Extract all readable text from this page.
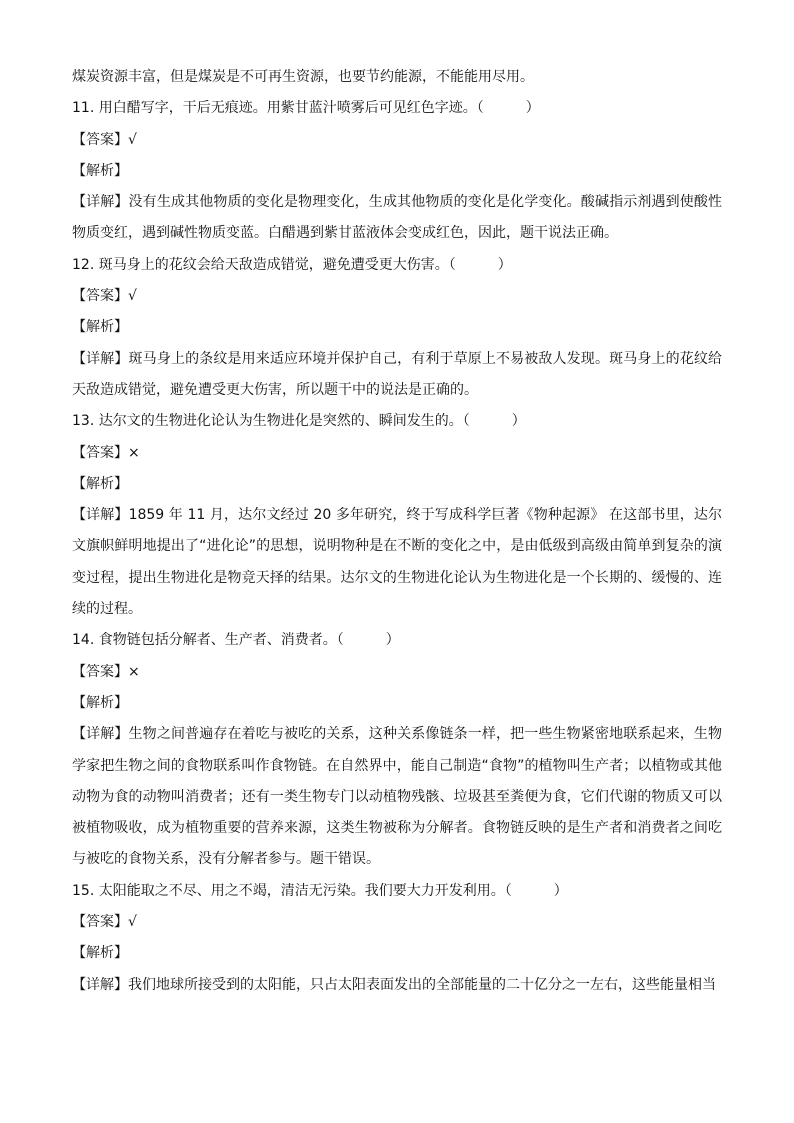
煤炭资源丰富，但是煤炭是不可再生资源，也要节约能源，不能能用尽用。
11. 用白醋写字，干后无痕迹。用紫甘蓝汁喷雾后可见红色字迹。（　　　）
【答案】√
【解析】
【详解】没有生成其他物质的变化是物理变化，生成其他物质的变化是化学变化。酸碱指示剂遇到使酸性物质变红，遇到碱性物质变蓝。白醋遇到紫甘蓝液体会变成红色，因此，题干说法正确。
12. 斑马身上的花纹会给天敌造成错觉，避免遭受更大伤害。（　　　）
【答案】√
【解析】
【详解】斑马身上的条纹是用来适应环境并保护自己，有利于草原上不易被敌人发现。斑马身上的花纹给天敌造成错觉，避免遭受更大伤害，所以题干中的说法是正确的。
13. 达尔文的生物进化论认为生物进化是突然的、瞬间发生的。（　　　）
【答案】×
【解析】
【详解】1859 年 11 月，达尔文经过 20 多年研究，终于写成科学巨著《物种起源》 在这部书里，达尔文旗帜鲜明地提出了“进化论”的思想，说明物种是在不断的变化之中，是由低级到高级由简单到复杂的演变过程，提出生物进化是物竞天择的结果。达尔文的生物进化论认为生物进化是一个长期的、缓慢的、连续的过程。
14. 食物链包括分解者、生产者、消费者。（　　　）
【答案】×
【解析】
【详解】生物之间普遍存在着吃与被吃的关系，这种关系像链条一样，把一些生物紧密地联系起来，生物学家把生物之间的食物联系叫作食物链。在自然界中，能自己制造“食物”的植物叫生产者；以植物或其他动物为食的动物叫消费者；还有一类生物专门以动植物残骸、垃圾甚至粪便为食，它们代谢的物质又可以被植物吸收，成为植物重要的营养来源，这类生物被称为分解者。食物链反映的是生产者和消费者之间吃与被吃的食物关系，没有分解者参与。题干错误。
15. 太阳能取之不尽、用之不竭，清洁无污染。我们要大力开发利用。（　　　）
【答案】√
【解析】
【详解】我们地球所接受到的太阳能，只占太阳表面发出的全部能量的二十亿分之一左右，这些能量相当
